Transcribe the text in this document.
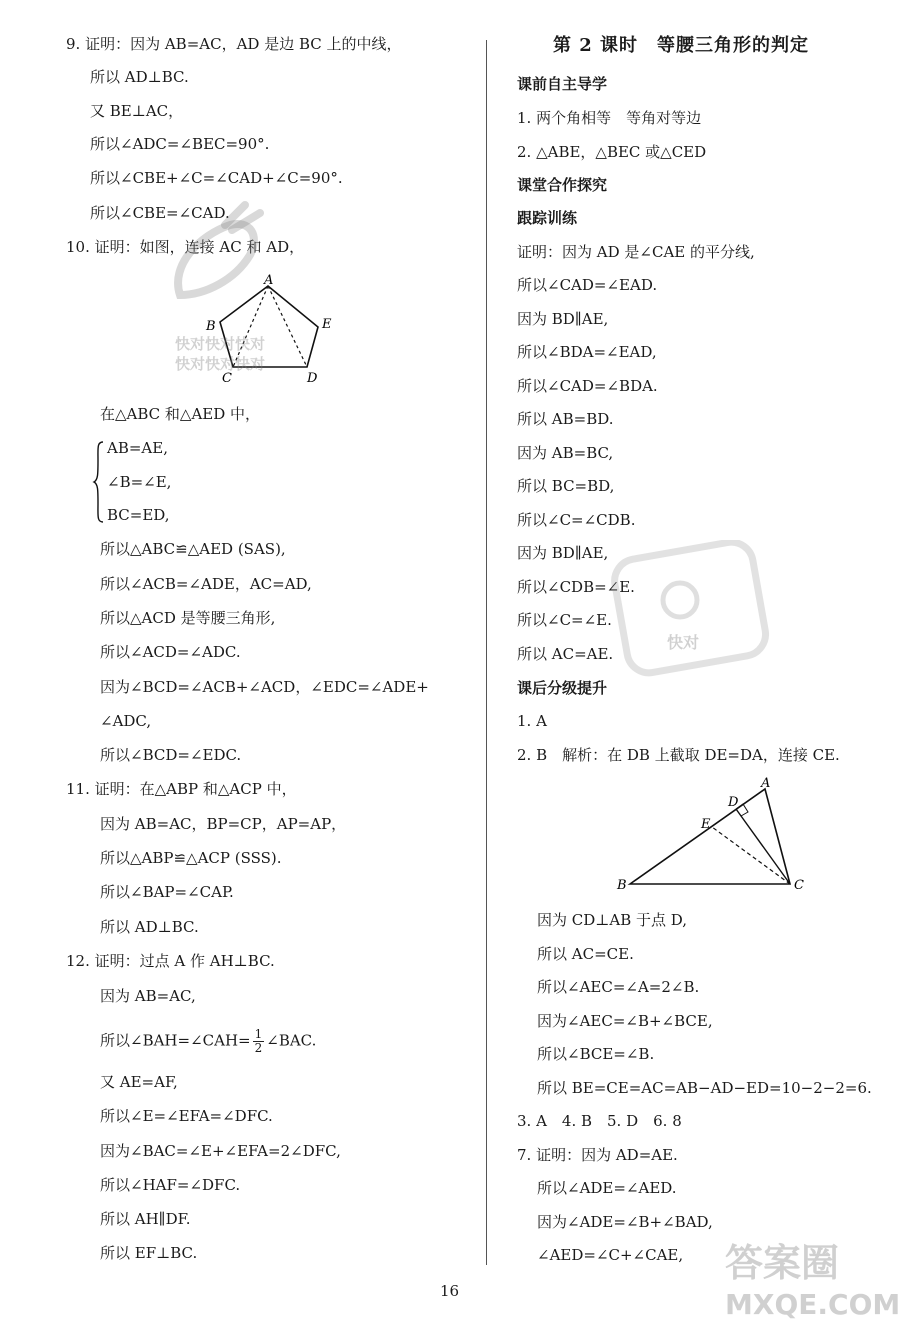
9. 证明：因为 AB=AC，AD 是边 BC 上的中线，
所以 AD⊥BC.
又 BE⊥AC，
所以∠ADC=∠BEC=90°.
所以∠CBE+∠C=∠CAD+∠C=90°.
所以∠CBE=∠CAD.
10. 证明：如图，连接 AC 和 AD，
A
B	E
C	D
快对快对快对
快对快对快对
在△ABC 和△AED 中，
AB=AE,
∠B=∠E,
BC=ED,
所以△ABC≌△AED (SAS),
所以∠ACB=∠ADE，AC=AD,
所以△ACD 是等腰三角形,
所以∠ACD=∠ADC.
因为∠BCD=∠ACB+∠ACD，∠EDC=∠ADE+
∠ADC,
所以∠BCD=∠EDC.
11. 证明：在△ABP 和△ACP 中，
因为 AB=AC，BP=CP，AP=AP，
所以△ABP≌△ACP (SSS).
所以∠BAP=∠CAP.
所以 AD⊥BC.
12. 证明：过点 A 作 AH⊥BC.
因为 AB=AC,
所以∠BAH=∠CAH= $\frac{1}{2}$ ∠BAC.
又 AE=AF,
所以∠E=∠EFA=∠DFC.
因为∠BAC=∠E+∠EFA=2∠DFC,
所以∠HAF=∠DFC.
所以 AH∥DF.
所以 EF⊥BC.
第 2 课时　等腰三角形的判定
课前自主导学
1. 两个角相等　等角对等边
2. △ABE，△BEC 或△CED
课堂合作探究
跟踪训练
证明：因为 AD 是∠CAE 的平分线,
所以∠CAD=∠EAD.
因为 BD∥AE,
所以∠BDA=∠EAD,
所以∠CAD=∠BDA.
所以 AB=BD.
因为 AB=BC,
所以 BC=BD,
所以∠C=∠CDB.
因为 BD∥AE,
所以∠CDB=∠E.
所以∠C=∠E.
所以 AC=AE.
快对
课后分级提升
1. A
2. B　解析：在 DB 上截取 DE=DA，连接 CE.
A
D
E
B	C
因为 CD⊥AB 于点 D,
所以 AC=CE.
所以∠AEC=∠A=2∠B.
因为∠AEC=∠B+∠BCE,
所以∠BCE=∠B.
所以 BE=CE=AC=AB−AD−ED=10−2−2=6.
3. A　4. B　5. D　6. 8
7. 证明：因为 AD=AE.
所以∠ADE=∠AED.
因为∠ADE=∠B+∠BAD,
∠AED=∠C+∠CAE,
16
答案圈
MXQE.COM
